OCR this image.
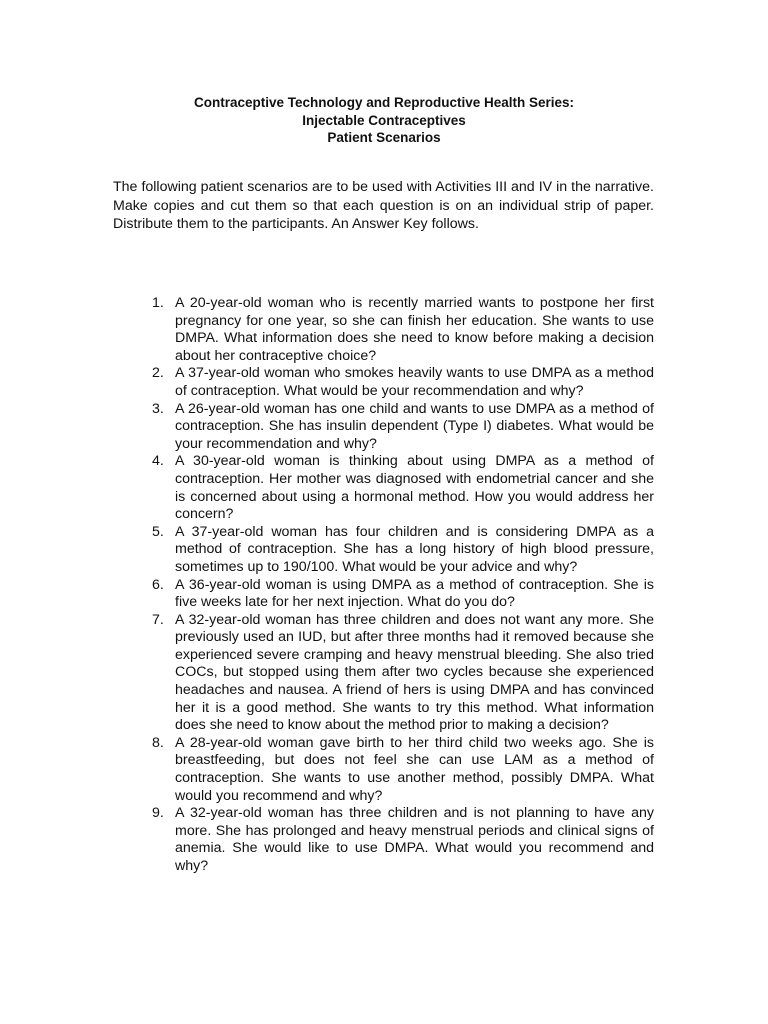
Contraceptive Technology and Reproductive Health Series:
Injectable Contraceptives
Patient Scenarios

The following patient scenarios are to be used with Activities III and IV in the narrative. Make copies and cut them so that each question is on an individual strip of paper. Distribute them to the participants. An Answer Key follows.

1. A 20-year-old woman who is recently married wants to postpone her first pregnancy for one year, so she can finish her education. She wants to use DMPA. What information does she need to know before making a decision about her contraceptive choice?
2. A 37-year-old woman who smokes heavily wants to use DMPA as a method of contraception. What would be your recommendation and why?
3. A 26-year-old woman has one child and wants to use DMPA as a method of contraception. She has insulin dependent (Type I) diabetes. What would be your recommendation and why?
4. A 30-year-old woman is thinking about using DMPA as a method of contraception. Her mother was diagnosed with endometrial cancer and she is concerned about using a hormonal method. How you would address her concern?
5. A 37-year-old woman has four children and is considering DMPA as a method of contraception. She has a long history of high blood pressure, sometimes up to 190/100. What would be your advice and why?
6. A 36-year-old woman is using DMPA as a method of contraception. She is five weeks late for her next injection. What do you do?
7. A 32-year-old woman has three children and does not want any more. She previously used an IUD, but after three months had it removed because she experienced severe cramping and heavy menstrual bleeding. She also tried COCs, but stopped using them after two cycles because she experienced headaches and nausea. A friend of hers is using DMPA and has convinced her it is a good method. She wants to try this method. What information does she need to know about the method prior to making a decision?
8. A 28-year-old woman gave birth to her third child two weeks ago. She is breastfeeding, but does not feel she can use LAM as a method of contraception. She wants to use another method, possibly DMPA. What would you recommend and why?
9. A 32-year-old woman has three children and is not planning to have any more. She has prolonged and heavy menstrual periods and clinical signs of anemia. She would like to use DMPA. What would you recommend and why?
